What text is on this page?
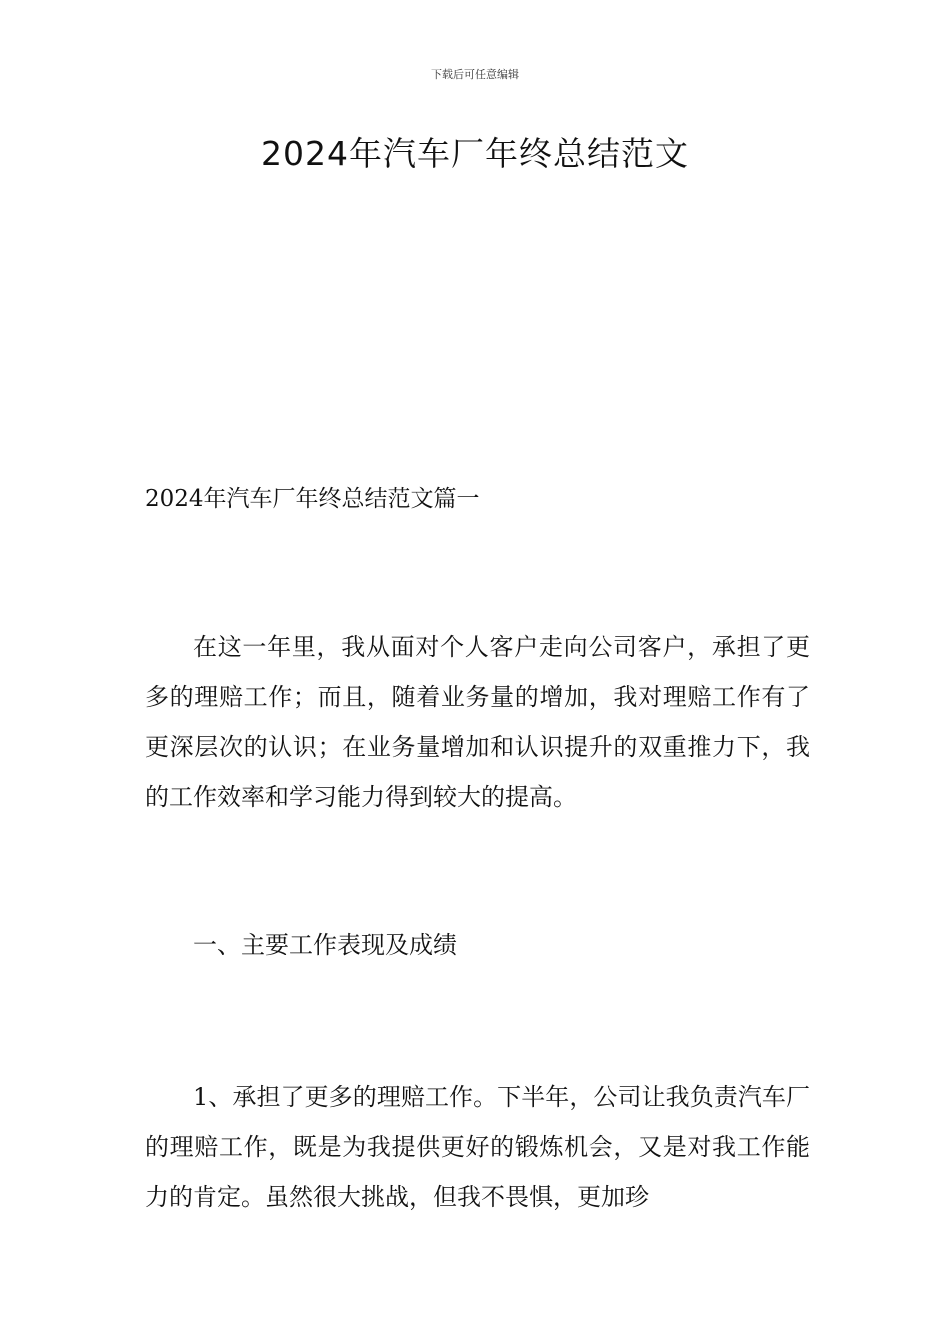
下载后可任意编辑
2024年汽车厂年终总结范文

2024年汽车厂年终总结范文篇一

在这一年里，我从面对个人客户走向公司客户，承担了更多的理赔工作；而且，随着业务量的增加，我对理赔工作有了更深层次的认识；在业务量增加和认识提升的双重推力下，我的工作效率和学习能力得到较大的提高。

一、主要工作表现及成绩

1、承担了更多的理赔工作。下半年，公司让我负责汽车厂的理赔工作，既是为我提供更好的锻炼机会，又是对我工作能力的肯定。虽然很大挑战，但我不畏惧，更加珍
